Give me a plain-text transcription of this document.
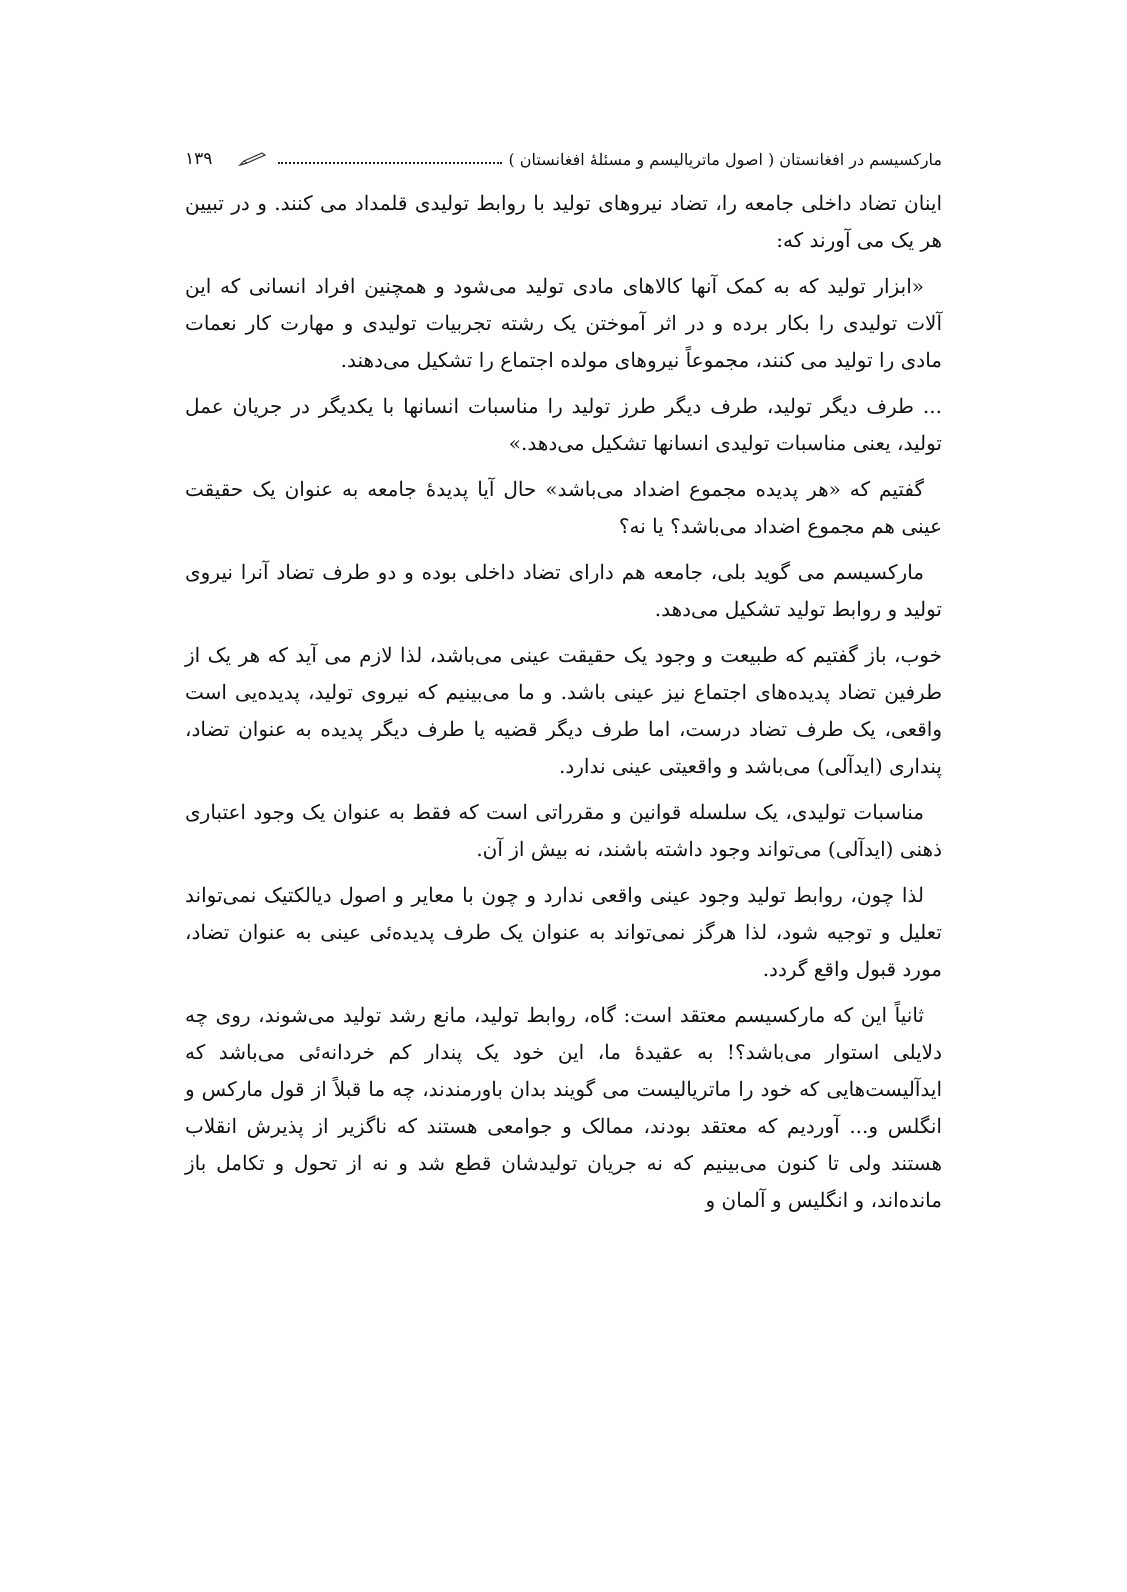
مارکسیسم در افغانستان ( اصول ماتریالیسم و مسئلهٔ افغانستان )
۱۳۹

اینان تضاد داخلی جامعه را، تضاد نیروهای تولید با روابط تولیدی قلمداد می کنند. و در تبیین هر یک می آورند که:

«ابزار تولید که به کمک آنها کالاهای مادی تولید می‌شود و همچنین افراد انسانی که این آلات تولیدی را بکار برده و در اثر آموختن یک رشته تجربیات تولیدی و مهارت کار نعمات مادی را تولید می کنند، مجموعاً نیروهای مولده اجتماع را تشکیل می‌دهند.

... طرف دیگر تولید، طرف دیگر طرز تولید را مناسبات انسانها با یکدیگر در جریان عمل تولید، یعنی مناسبات تولیدی انسانها تشکیل می‌دهد.»

گفتیم که «هر پدیده مجموع اضداد می‌باشد» حال آیا پدیدهٔ جامعه به عنوان یک حقیقت عینی هم مجموع اضداد می‌باشد؟ یا نه؟

مارکسیسم می گوید بلی، جامعه هم دارای تضاد داخلی بوده و دو طرف تضاد آنرا نیروی تولید و روابط تولید تشکیل می‌دهد.

خوب، باز گفتیم که طبیعت و وجود یک حقیقت عینی می‌باشد، لذا لازم می آید که هر یک از طرفین تضاد پدیده‌های اجتماع نیز عینی باشد. و ما می‌بینیم که نیروی تولید، پدیده‌یی است واقعی، یک طرف تضاد درست، اما طرف دیگر قضیه یا طرف دیگر پدیده به عنوان تضاد، پنداری (ایدآلی) می‌باشد و واقعیتی عینی ندارد.

مناسبات تولیدی، یک سلسله قوانین و مقرراتی است که فقط به عنوان یک وجود اعتباری ذهنی (ایدآلی) می‌تواند وجود داشته باشند، نه بیش از آن.

لذا چون، روابط تولید وجود عینی واقعی ندارد و چون با معایر و اصول دیالکتیک نمی‌تواند تعلیل و توجیه شود، لذا هرگز نمی‌تواند به عنوان یک طرف پدیده‌ئی عینی به عنوان تضاد، مورد قبول واقع گردد.

ثانیاً این که مارکسیسم معتقد است: گاه، روابط تولید، مانع رشد تولید می‌شوند، روی چه دلایلی استوار می‌باشد؟! به عقیدهٔ ما، این خود یک پندار کم خردانه‌ئی می‌باشد که ایدآلیست‌هایی که خود را ماتریالیست می گویند بدان باورمندند، چه ما قبلاً از قول مارکس و انگلس و... آوردیم که معتقد بودند، ممالک و جوامعی هستند که ناگزیر از پذیرش انقلاب هستند ولی تا کنون می‌بینیم که نه جریان تولیدشان قطع شد و نه از تحول و تکامل باز مانده‌اند، و انگلیس و آلمان و
